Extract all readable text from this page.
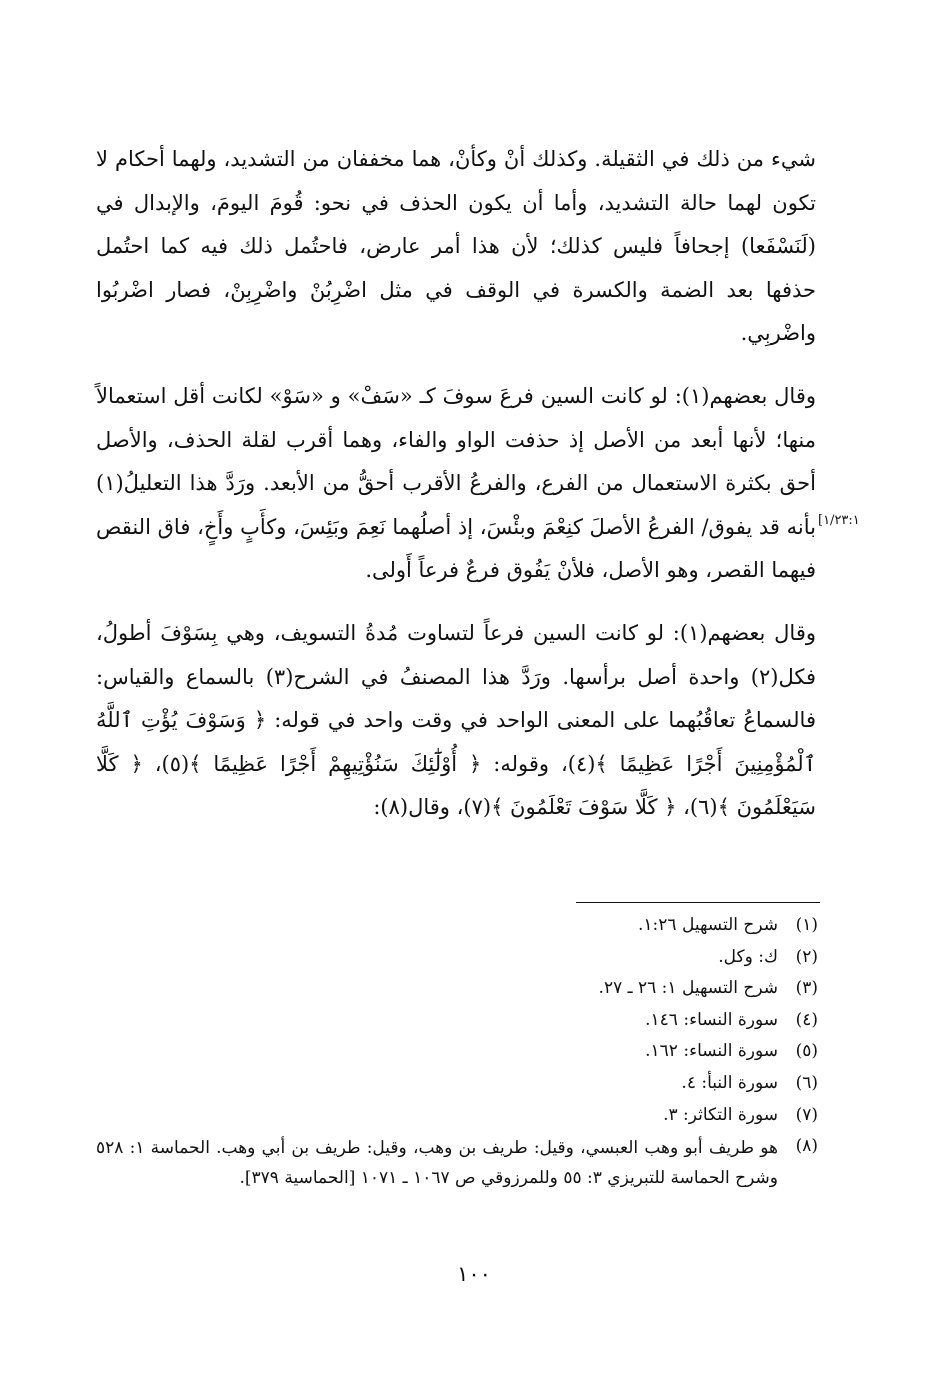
شيء من ذلك في الثقيلة. وكذلك أنْ وكأنْ، هما مخففان من التشديد، ولهما أحكام لا تكون لهما حالة التشديد، وأما أن يكون الحذف في نحو: قُومَ اليومَ، والإبدال في (لَنَسْفَعا) إجحافاً فليس كذلك؛ لأن هذا أمر عارض، فاحتُمل ذلك فيه كما احتُمل حذفها بعد الضمة والكسرة في الوقف في مثل اضْرِبُنْ واضْرِبِنْ، فصار اضْربُوا واضْربِي.

وقال بعضهم(١): لو كانت السين فرعَ سوفَ كـ «سَفْ» و «سَوْ» لكانت أقل استعمالاً منها؛ لأنها أبعد من الأصل إذ حذفت الواو والفاء، وهما أقرب لقلة الحذف، والأصل أحق بكثرة الاستعمال من الفرع، والفرعُ الأقرب أحقُّ من الأبعد. ورَدَّ هذا التعليلُ(١) بأنه قد يفوق/ الفرعُ الأصلَ كنِعْمَ وبئْسَ، إذ أصلُهما نَعِمَ وبَئِسَ، وكأَبٍ وأَخٍ، فاق النقص فيهما القصر، وهو الأصل، فلأنْ يَفُوق فرعٌ فرعاً أَولى.

وقال بعضهم(١): لو كانت السين فرعاً لتساوت مُدةُ التسويف، وهي بِسَوْفَ أطولُ، فكل(٢) واحدة أصل برأسها. ورَدَّ هذا المصنفُ في الشرح(٣) بالسماع والقياس: فالسماعُ تعاقُبُهما على المعنى الواحد في وقت واحد في قوله: ﴿ وَسَوْفَ يُؤْتِ ٱللَّهُ ٱلْمُؤْمِنِينَ أَجْرًا عَظِيمًا ﴾(٤)، وقوله: ﴿ أُوْلَٰٓئِكَ سَنُؤْتِيهِمْ أَجْرًا عَظِيمًا ﴾(٥)، ﴿ كَلَّا سَيَعْلَمُونَ ﴾(٦)، ﴿ كَلَّا سَوْفَ تَعْلَمُونَ ﴾(٧)، وقال(٨):

[١/٢٣:١
(١)
شرح التسهيل ١:٢٦.
(٢)
ك: وكل.
(٣)
شرح التسهيل ١: ٢٦ ـ ٢٧.
(٤)
سورة النساء: ١٤٦.
(٥)
سورة النساء: ١٦٢.
(٦)
سورة النبأ: ٤.
(٧)
سورة التكاثر: ٣.
(٨)
هو طريف أبو وهب العبسي، وقيل: طريف بن وهب، وقيل: طريف بن أبي وهب. الحماسة ١: ٥٢٨ وشرح الحماسة للتبريزي ٣: ٥٥ وللمرزوقي ص ١٠٦٧ ـ ١٠٧١ [الحماسية ٣٧٩].
١٠٠
